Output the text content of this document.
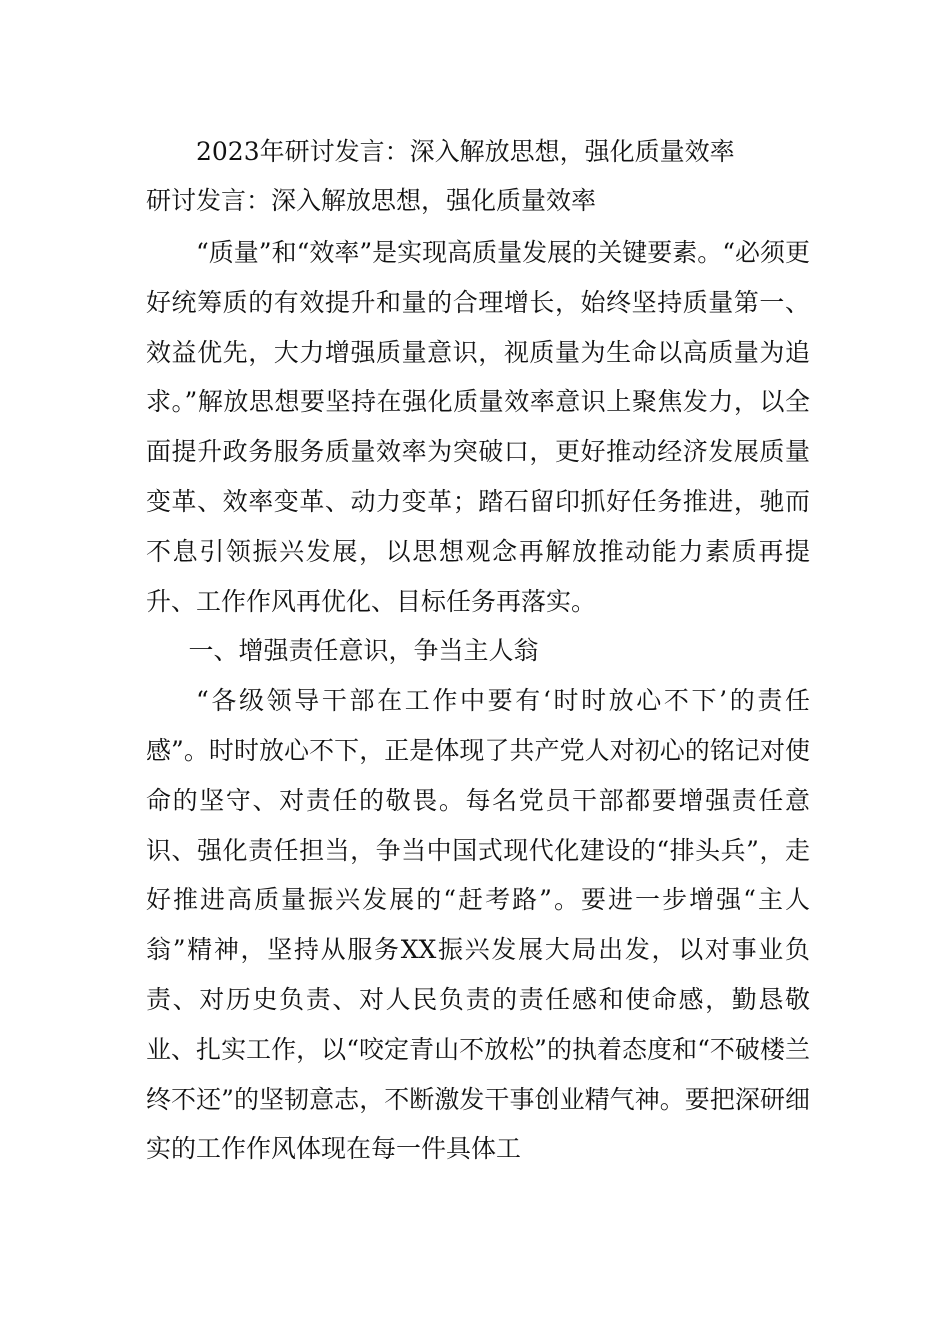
2023年研讨发言：深入解放思想，强化质量效率
研讨发言：深入解放思想，强化质量效率

“质量”和“效率”是实现高质量发展的关键要素。“必须更好统筹质的有效提升和量的合理增长，始终坚持质量第一、效益优先，大力增强质量意识，视质量为生命以高质量为追求。”解放思想要坚持在强化质量效率意识上聚焦发力，以全面提升政务服务质量效率为突破口，更好推动经济发展质量变革、效率变革、动力变革；踏石留印抓好任务推进，驰而不息引领振兴发展，以思想观念再解放推动能力素质再提升、工作作风再优化、目标任务再落实。

一、增强责任意识，争当主人翁

“各级领导干部在工作中要有‘时时放心不下’的责任感”。时时放心不下，正是体现了共产党人对初心的铭记对使命的坚守、对责任的敬畏。每名党员干部都要增强责任意识、强化责任担当，争当中国式现代化建设的“排头兵”，走好推进高质量振兴发展的“赶考路”。要进一步增强“主人翁”精神，坚持从服务XX振兴发展大局出发，以对事业负责、对历史负责、对人民负责的责任感和使命感，勤恳敬业、扎实工作，以“咬定青山不放松”的执着态度和“不破楼兰终不还”的坚韧意志，不断激发干事创业精气神。要把深研细实的工作作风体现在每一件具体工
